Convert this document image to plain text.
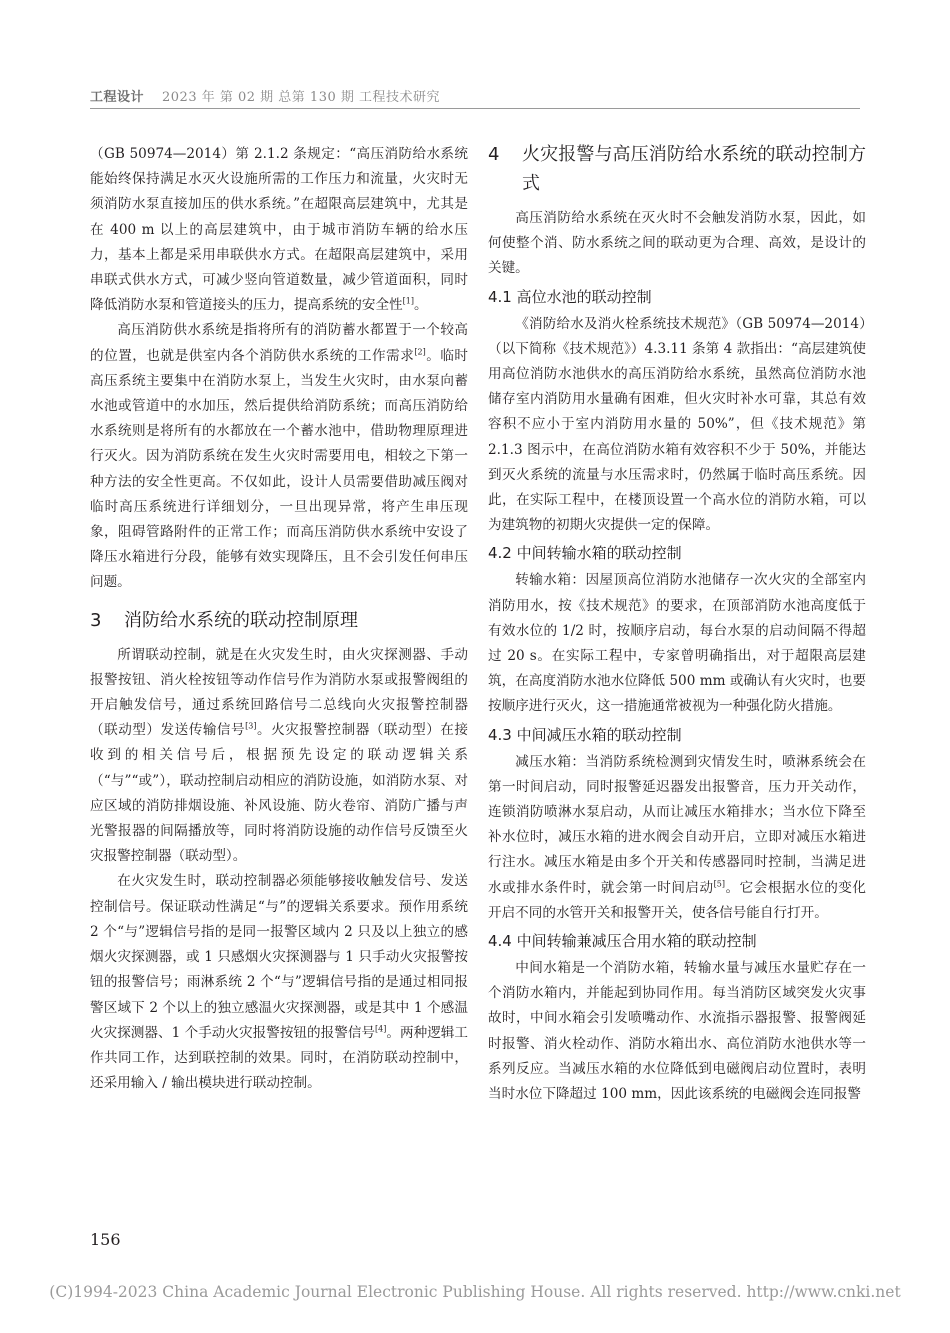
工程设计 2023 年 第 02 期 总第 130 期 工程技术研究

（GB 50974—2014）第 2.1.2 条规定：“高压消防给水系统能始终保持满足水灭火设施所需的工作压力和流量，火灾时无须消防水泵直接加压的供水系统。”在超限高层建筑中，尤其是在 400 m 以上的高层建筑中，由于城市消防车辆的给水压力，基本上都是采用串联供水方式。在超限高层建筑中，采用串联式供水方式，可减少竖向管道数量，减少管道面积，同时降低消防水泵和管道接头的压力，提高系统的安全性[1]。

高压消防供水系统是指将所有的消防蓄水都置于一个较高的位置，也就是供室内各个消防供水系统的工作需求[2]。临时高压系统主要集中在消防水泵上，当发生火灾时，由水泵向蓄水池或管道中的水加压，然后提供给消防系统；而高压消防给水系统则是将所有的水都放在一个蓄水池中，借助物理原理进行灭火。因为消防系统在发生火灾时需要用电，相较之下第一种方法的安全性更高。不仅如此，设计人员需要借助减压阀对临时高压系统进行详细划分，一旦出现异常，将产生串压现象，阻碍管路附件的正常工作；而高压消防供水系统中安设了降压水箱进行分段，能够有效实现降压，且不会引发任何串压问题。

3	消防给水系统的联动控制原理

所谓联动控制，就是在火灾发生时，由火灾探测器、手动报警按钮、消火栓按钮等动作信号作为消防水泵或报警阀组的开启触发信号，通过系统回路信号二总线向火灾报警控制器（联动型）发送传输信号[3]。火灾报警控制器（联动型）在接收到的相关信号后，根据预先设定的联动逻辑关系（“与”“或”），联动控制启动相应的消防设施，如消防水泵、对应区域的消防排烟设施、补风设施、防火卷帘、消防广播与声光警报器的间隔播放等，同时将消防设施的动作信号反馈至火灾报警控制器（联动型）。

在火灾发生时，联动控制器必须能够接收触发信号、发送控制信号。保证联动性满足“与”的逻辑关系要求。预作用系统 2 个“与”逻辑信号指的是同一报警区域内 2 只及以上独立的感烟火灾探测器，或 1 只感烟火灾探测器与 1 只手动火灾报警按钮的报警信号；雨淋系统 2 个“与”逻辑信号指的是通过相同报警区域下 2 个以上的独立感温火灾探测器，或是其中 1 个感温火灾探测器、1 个手动火灾报警按钮的报警信号[4]。两种逻辑工作共同工作，达到联控制的效果。同时，在消防联动控制中，还采用输入 / 输出模块进行联动控制。

4	火灾报警与高压消防给水系统的联动控制方式

高压消防给水系统在灭火时不会触发消防水泵，因此，如何使整个消、防水系统之间的联动更为合理、高效，是设计的关键。

4.1 高位水池的联动控制

《消防给水及消火栓系统技术规范》（GB 50974—2014）（以下简称《技术规范》）4.3.11 条第 4 款指出：“高层建筑使用高位消防水池供水的高压消防给水系统，虽然高位消防水池储存室内消防用水量确有困难，但火灾时补水可靠，其总有效容积不应小于室内消防用水量的 50%”，但《技术规范》第 2.1.3 图示中，在高位消防水箱有效容积不少于 50%，并能达到灭火系统的流量与水压需求时，仍然属于临时高压系统。因此，在实际工程中，在楼顶设置一个高水位的消防水箱，可以为建筑物的初期火灾提供一定的保障。

4.2 中间转输水箱的联动控制

转输水箱：因屋顶高位消防水池储存一次火灾的全部室内消防用水，按《技术规范》的要求，在顶部消防水池高度低于有效水位的 1/2 时，按顺序启动，每台水泵的启动间隔不得超过 20 s。在实际工程中，专家曾明确指出，对于超限高层建筑，在高度消防水池水位降低 500 mm 或确认有火灾时，也要按顺序进行灭火，这一措施通常被视为一种强化防火措施。

4.3 中间减压水箱的联动控制

减压水箱：当消防系统检测到灾情发生时，喷淋系统会在第一时间启动，同时报警延迟器发出报警音，压力开关动作，连锁消防喷淋水泵启动，从而让减压水箱排水；当水位下降至补水位时，减压水箱的进水阀会自动开启，立即对减压水箱进行注水。减压水箱是由多个开关和传感器同时控制，当满足进水或排水条件时，就会第一时间启动[5]。它会根据水位的变化开启不同的水管开关和报警开关，使各信号能自行打开。

4.4 中间转输兼减压合用水箱的联动控制

中间水箱是一个消防水箱，转输水量与减压水量贮存在一个消防水箱内，并能起到协同作用。每当消防区域突发火灾事故时，中间水箱会引发喷嘴动作、水流指示器报警、报警阀延时报警、消火栓动作、消防水箱出水、高位消防水池供水等一系列反应。当减压水箱的水位降低到电磁阀启动位置时，表明当时水位下降超过 100 mm，因此该系统的电磁阀会连同报警

156
(C)1994-2023 China Academic Journal Electronic Publishing House. All rights reserved. http://www.cnki.net
